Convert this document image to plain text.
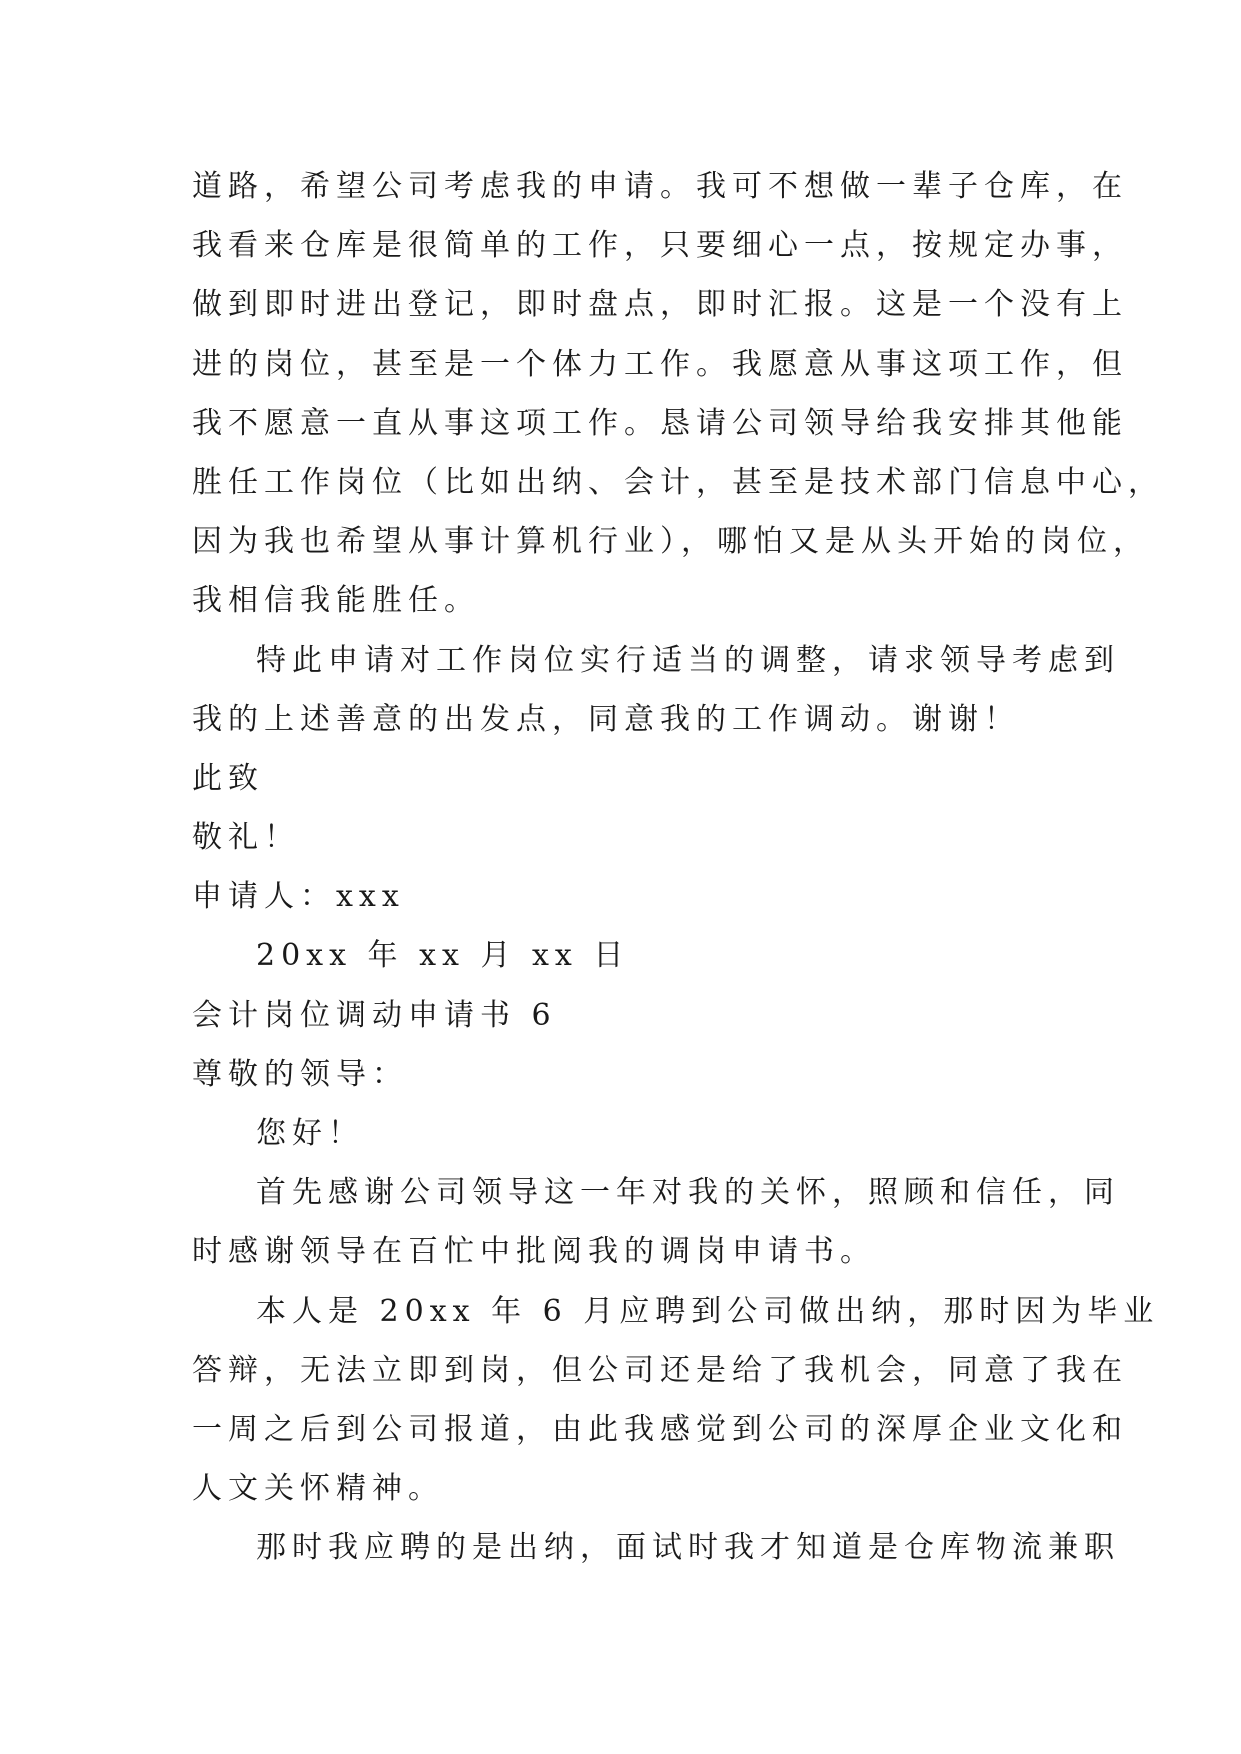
道路，希望公司考虑我的申请。我可不想做一辈子仓库，在
我看来仓库是很简单的工作，只要细心一点，按规定办事，
做到即时进出登记，即时盘点，即时汇报。这是一个没有上
进的岗位，甚至是一个体力工作。我愿意从事这项工作，但
我不愿意一直从事这项工作。恳请公司领导给我安排其他能
胜任工作岗位（比如出纳、会计，甚至是技术部门信息中心，
因为我也希望从事计算机行业），哪怕又是从头开始的岗位，
我相信我能胜任。
特此申请对工作岗位实行适当的调整，请求领导考虑到
我的上述善意的出发点，同意我的工作调动。谢谢！
此致
敬礼！
申请人：xxx
20xx 年 xx 月 xx 日
会计岗位调动申请书 6
尊敬的领导：
您好！
首先感谢公司领导这一年对我的关怀，照顾和信任，同
时感谢领导在百忙中批阅我的调岗申请书。
本人是 20xx 年 6 月应聘到公司做出纳，那时因为毕业
答辩，无法立即到岗，但公司还是给了我机会，同意了我在
一周之后到公司报道，由此我感觉到公司的深厚企业文化和
人文关怀精神。
那时我应聘的是出纳，面试时我才知道是仓库物流兼职
